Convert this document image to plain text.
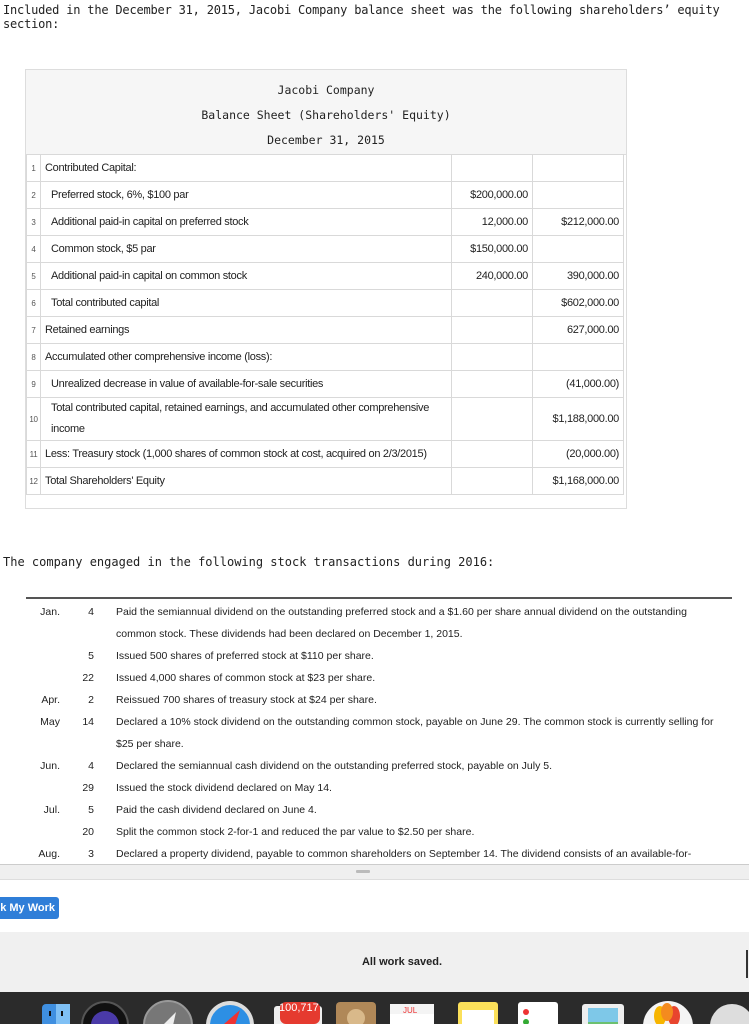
Included in the December 31, 2015, Jacobi Company balance sheet was the following shareholders’ equity section:
Jacobi Company
Balance Sheet (Shareholders' Equity)
December 31, 2015
1	Contributed Capital:		
2	Preferred stock, 6%, $100 par	$200,000.00	
3	Additional paid-in capital on preferred stock	12,000.00	$212,000.00
4	Common stock, $5 par	$150,000.00	
5	Additional paid-in capital on common stock	240,000.00	390,000.00
6	Total contributed capital		$602,000.00
7	Retained earnings		627,000.00
8	Accumulated other comprehensive income (loss):		
9	Unrealized decrease in value of available-for-sale securities		(41,000.00)
10	Total contributed capital, retained earnings, and accumulated other comprehensive income		$1,188,000.00
11	Less: Treasury stock (1,000 shares of common stock at cost, acquired on 2/3/2015)		(20,000.00)
12	Total Shareholders' Equity		$1,168,000.00
The company engaged in the following stock transactions during 2016:
Jan.	4 Paid the semiannual dividend on the outstanding preferred stock and a $1.60 per share annual dividend on the outstanding common stock. These dividends had been declared on December 1, 2015.
5 Issued 500 shares of preferred stock at $110 per share.
22 Issued 4,000 shares of common stock at $23 per share.
Apr.	2 Reissued 700 shares of treasury stock at $24 per share.
May	14 Declared a 10% stock dividend on the outstanding common stock, payable on June 29. The common stock is currently selling for $25 per share.
Jun.	4 Declared the semiannual cash dividend on the outstanding preferred stock, payable on July 5.
29 Issued the stock dividend declared on May 14.
Jul.	5 Paid the cash dividend declared on June 4.
20 Split the common stock 2-for-1 and reduced the par value to $2.50 per share.
Aug.	3 Declared a property dividend, payable to common shareholders on September 14. The dividend consists of an available-for-
k My Work
All work saved.
100,717	JUL
